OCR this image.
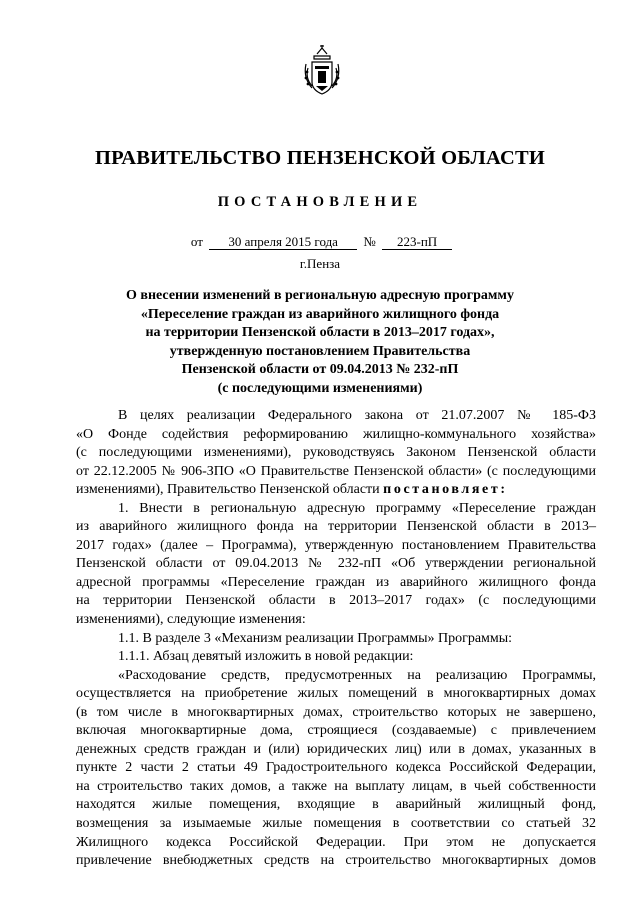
ПРАВИТЕЛЬСТВО ПЕНЗЕНСКОЙ ОБЛАСТИ
ПОСТАНОВЛЕНИЕ
от 30 апреля 2015 года № 223-пП
г.Пенза
О внесении изменений в региональную адресную программу
«Переселение граждан из аварийного жилищного фонда
на территории Пензенской области в 2013–2017 годах»,
утвержденную постановлением Правительства
Пензенской области от 09.04.2013 № 232-пП
(с последующими изменениями)
В целях реализации Федерального закона от 21.07.2007 № 185-ФЗ
«О Фонде содействия реформированию жилищно-коммунального хозяйства»
(с последующими изменениями), руководствуясь Законом Пензенской области
от 22.12.2005 № 906-ЗПО «О Правительстве Пензенской области» (с последующими
изменениями), Правительство Пензенской области постановляет:
1. Внести в региональную адресную программу «Переселение граждан
из аварийного жилищного фонда на территории Пензенской области в 2013–
2017 годах» (далее – Программа), утвержденную постановлением Правительства
Пензенской области от 09.04.2013 № 232-пП «Об утверждении региональной
адресной программы «Переселение граждан из аварийного жилищного фонда
на территории Пензенской области в 2013–2017 годах» (с последующими
изменениями), следующие изменения:
1.1. В разделе 3 «Механизм реализации Программы» Программы:
1.1.1. Абзац девятый изложить в новой редакции:
«Расходование средств, предусмотренных на реализацию Программы,
осуществляется на приобретение жилых помещений в многоквартирных домах
(в том числе в многоквартирных домах, строительство которых не завершено,
включая многоквартирные дома, строящиеся (создаваемые) с привлечением
денежных средств граждан и (или) юридических лиц) или в домах, указанных в
пункте 2 части 2 статьи 49 Градостроительного кодекса Российской Федерации,
на строительство таких домов, а также на выплату лицам, в чьей собственности
находятся жилые помещения, входящие в аварийный жилищный фонд,
возмещения за изымаемые жилые помещения в соответствии со статьей 32
Жилищного кодекса Российской Федерации. При этом не допускается
привлечение внебюджетных средств на строительство многоквартирных домов
